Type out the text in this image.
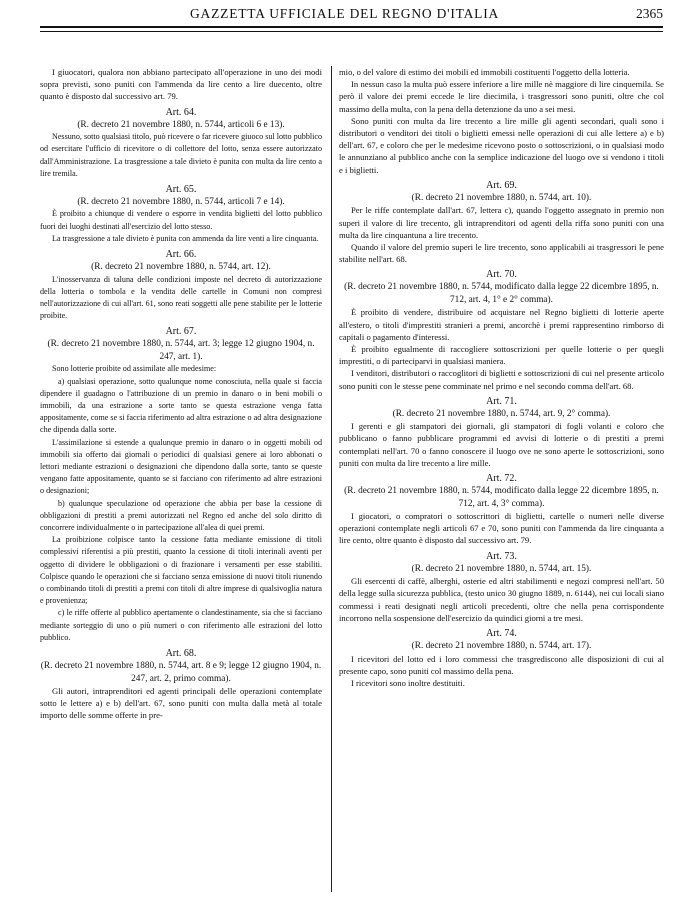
GAZZETTA UFFICIALE DEL REGNO D'ITALIA	2365

I giuocatori, qualora non abbiano partecipato all'operazione in uno dei modi sopra previsti, sono puniti con l'ammenda da lire cento a lire duecento, oltre quanto è disposto dal successivo art. 79.

Art. 64.

(R. decreto 21 novembre 1880, n. 5744, articoli 6 e 13).

Nessuno, sotto qualsiasi titolo, può ricevere o far ricevere giuoco sul lotto pubblico od esercitare l'ufficio di ricevitore o di collettore del lotto, senza essere autorizzato dall'Amministrazione. La trasgressione a tale divieto è punita con multa da lire cento a lire tremila.

Art. 65.

(R. decreto 21 novembre 1880, n. 5744, articoli 7 e 14).

È proibito a chiunque di vendere o esporre in vendita biglietti del lotto pubblico fuori dei luoghi destinati all'esercizio del lotto stesso.

La trasgressione a tale divieto è punita con ammenda da lire venti a lire cinquanta.

Art. 66.

(R. decreto 21 novembre 1880, n. 5744, art. 12).

L'inosservanza di taluna delle condizioni imposte nel decreto di autorizzazione della lotteria o tombola e la vendita delle cartelle in Comuni non compresi nell'autorizzazione di cui all'art. 61, sono reati soggetti alle pene stabilite per le lotterie proibite.

Art. 67.

(R. decreto 21 novembre 1880, n. 5744, art. 3; legge 12 giugno 1904, n. 247, art. 1).

Sono lotterie proibite od assimilate alle medesime:

a) qualsiasi operazione, sotto qualunque nome conosciuta, nella quale si faccia dipendere il guadagno o l'attribuzione di un premio in danaro o in beni mobili o immobili, da una estrazione a sorte tanto se questa estrazione venga fatta appositamente, come se si faccia riferimento ad altra estrazione o ad altra designazione che dipenda dalla sorte.

L'assimilazione si estende a qualunque premio in danaro o in oggetti mobili od immobili sia offerto dai giornali o periodici di qualsiasi genere ai loro abbonati o lettori mediante estrazioni o designazioni che dipendono dalla sorte, tanto se queste vengano fatte appositamente, quanto se si facciano con riferimento ad altre estrazioni o designazioni;

b) qualunque speculazione od operazione che abbia per base la cessione di obbligazioni di prestiti a premi autorizzati nel Regno ed anche del solo diritto di concorrere individualmente o in partecipazione all'alea di quei premi.

La proibizione colpisce tanto la cessione fatta mediante emissione di titoli complessivi riferentisi a più prestiti, quanto la cessione di titoli interinali aventi per oggetto di dividere le obbligazioni o di frazionare i versamenti per esse stabiliti. Colpisce quando le operazioni che si facciano senza emissione di nuovi titoli riunendo o combinando titoli di prestiti a premi con titoli di altre imprese di qualsivoglia natura e provenienza;

c) le riffe offerte al pubblico apertamente o clandestinamente, sia che si facciano mediante sorteggio di uno o più numeri o con riferimento alle estrazioni del lotto pubblico.

Art. 68.

(R. decreto 21 novembre 1880, n. 5744, art. 8 e 9; legge 12 giugno 1904, n. 247, art. 2, primo comma).

Gli autori, intraprenditori ed agenti principali delle operazioni contemplate sotto le lettere a) e b) dell'art. 67, sono puniti con multa dalla metà al totale importo delle somme offerte in pre-

mio, o del valore di estimo dei mobili ed immobili costituenti l'oggetto della lotteria.

In nessun caso la multa può essere inferiore a lire mille nè maggiore di lire cinquemila. Se però il valore dei premi eccede le lire diecimila, i trasgressori sono puniti, oltre che col massimo della multa, con la pena della detenzione da uno a sei mesi.

Sono puniti con multa da lire trecento a lire mille gli agenti secondari, quali sono i distributori o venditori dei titoli o biglietti emessi nelle operazioni di cui alle lettere a) e b) dell'art. 67, e coloro che per le medesime ricevono posto o sottoscrizioni, o in qualsiasi modo le annunziano al pubblico anche con la semplice indicazione del luogo ove si vendono i titoli e i biglietti.

Art. 69.

(R. decreto 21 novembre 1880, n. 5744, art. 10).

Per le riffe contemplate dall'art. 67, lettera c), quando l'oggetto assegnato in premio non superi il valore di lire trecento, gli intraprenditori od agenti della riffa sono puniti con una multa da lire cinquantuna a lire trecento.

Quando il valore del premio superi le lire trecento, sono applicabili ai trasgressori le pene stabilite nell'art. 68.

Art. 70.

(R. decreto 21 novembre 1880, n. 5744, modificato dalla legge 22 dicembre 1895, n. 712, art. 4, 1° e 2° comma).

È proibito di vendere, distribuire od acquistare nel Regno biglietti di lotterie aperte all'estero, o titoli d'imprestiti stranieri a premi, ancorchè i premi rappresentino rimborso di capitali o pagamento d'interessi.

È proibito egualmente di raccogliere sottoscrizioni per quelle lotterie o per quegli imprestiti, o di parteciparvi in qualsiasi maniera.

I venditori, distributori o raccoglitori di biglietti e sottoscrizioni di cui nel presente articolo sono puniti con le stesse pene comminate nel primo e nel secondo comma dell'art. 68.

Art. 71.

(R. decreto 21 novembre 1880, n. 5744, art. 9, 2° comma).

I gerenti e gli stampatori dei giornali, gli stampatori di fogli volanti e coloro che pubblicano o fanno pubblicare programmi ed avvisi di lotterie o di prestiti a premi contemplati nell'art. 70 o fanno conoscere il luogo ove ne sono aperte le sottoscrizioni, sono puniti con multa da lire trecento a lire mille.

Art. 72.

(R. decreto 21 novembre 1880, n. 5744, modificato dalla legge 22 dicembre 1895, n. 712, art. 4, 3° comma).

I giocatori, o compratori o sottoscrittori di biglietti, cartelle o numeri nelle diverse operazioni contemplate negli articoli 67 e 70, sono puniti con l'ammenda da lire cinquanta a lire cento, oltre quanto è disposto dal successivo art. 79.

Art. 73.

(R. decreto 21 novembre 1880, n. 5744, art. 15).

Gli esercenti di caffè, alberghi, osterie ed altri stabilimenti e negozi compresi nell'art. 50 della legge sulla sicurezza pubblica, (testo unico 30 giugno 1889, n. 6144), nei cui locali siano commessi i reati designati negli articoli precedenti, oltre che nella pena corrispondente incorrono nella sospensione dell'esercizio da quindici giorni a tre mesi.

Art. 74.

(R. decreto 21 novembre 1880, n. 5744, art. 17).

I ricevitori del lotto ed i loro commessi che trasgrediscono alle disposizioni di cui al presente capo, sono puniti col massimo della pena.

I ricevitori sono inoltre destituiti.
